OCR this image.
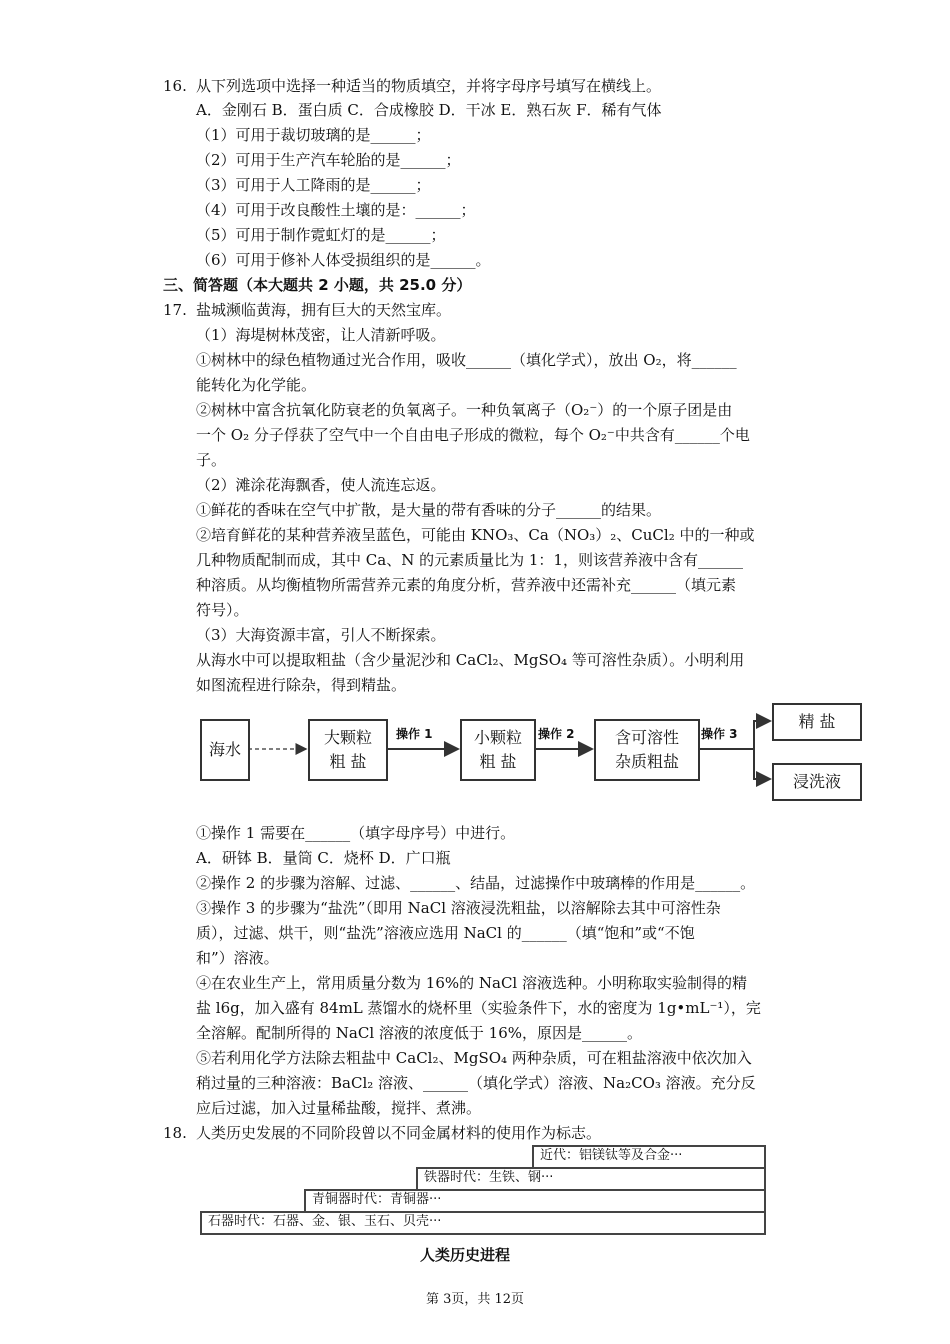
16. 从下列选项中选择一种适当的物质填空，并将字母序号填写在横线上。
A．金刚石 B．蛋白质 C．合成橡胶 D．干冰 E．熟石灰 F．稀有气体
（1）可用于裁切玻璃的是______；
（2）可用于生产汽车轮胎的是______；
（3）可用于人工降雨的是______；
（4）可用于改良酸性土壤的是：______；
（5）可用于制作霓虹灯的是______；
（6）可用于修补人体受损组织的是______。
三、简答题（本大题共 2 小题，共 25.0 分）
17. 盐城濒临黄海，拥有巨大的天然宝库。
（1）海堤树林茂密，让人清新呼吸。
①树林中的绿色植物通过光合作用，吸收______（填化学式），放出 O₂，将______
能转化为化学能。
②树林中富含抗氧化防衰老的负氧离子。一种负氧离子（O₂⁻）的一个原子团是由
一个 O₂ 分子俘获了空气中一个自由电子形成的微粒，每个 O₂⁻中共含有______个电
子。
（2）滩涂花海飘香，使人流连忘返。
①鲜花的香味在空气中扩散，是大量的带有香味的分子______的结果。
②培育鲜花的某种营养液呈蓝色，可能由 KNO₃、Ca（NO₃）₂、CuCl₂ 中的一种或
几种物质配制而成，其中 Ca、N 的元素质量比为 1：1，则该营养液中含有______
种溶质。从均衡植物所需营养元素的角度分析，营养液中还需补充______（填元素
符号）。
（3）大海资源丰富，引人不断探索。
从海水中可以提取粗盐（含少量泥沙和 CaCl₂、MgSO₄ 等可溶性杂质）。小明利用
如图流程进行除杂，得到精盐。
海水
大颗粒
粗 盐
小颗粒
粗 盐
含可溶性
杂质粗盐
精 盐
浸洗液
操作 1	操作 2	操作 3
①操作 1 需要在______（填字母序号）中进行。
A．研钵 B．量筒 C．烧杯 D．广口瓶
②操作 2 的步骤为溶解、过滤、______、结晶，过滤操作中玻璃棒的作用是______。
③操作 3 的步骤为“盐洗”（即用 NaCl 溶液浸洗粗盐，以溶解除去其中可溶性杂
质），过滤、烘干，则“盐洗”溶液应选用 NaCl 的______（填“饱和”或“不饱
和”）溶液。
④在农业生产上，常用质量分数为 16%的 NaCl 溶液选种。小明称取实验制得的精
盐 l6g，加入盛有 84mL 蒸馏水的烧杯里（实验条件下，水的密度为 1g•mL⁻¹），完
全溶解。配制所得的 NaCl 溶液的浓度低于 16%，原因是______。
⑤若利用化学方法除去粗盐中 CaCl₂、MgSO₄ 两种杂质，可在粗盐溶液中依次加入
稍过量的三种溶液：BaCl₂ 溶液、______（填化学式）溶液、Na₂CO₃ 溶液。充分反
应后过滤，加入过量稀盐酸，搅拌、煮沸。
18. 人类历史发展的不同阶段曾以不同金属材料的使用作为标志。
近代：铝镁钛等及合金···
铁器时代：生铁、钢···
青铜器时代：青铜器···
石器时代：石器、金、银、玉石、贝壳···
人类历史进程
第 3页，共 12页
